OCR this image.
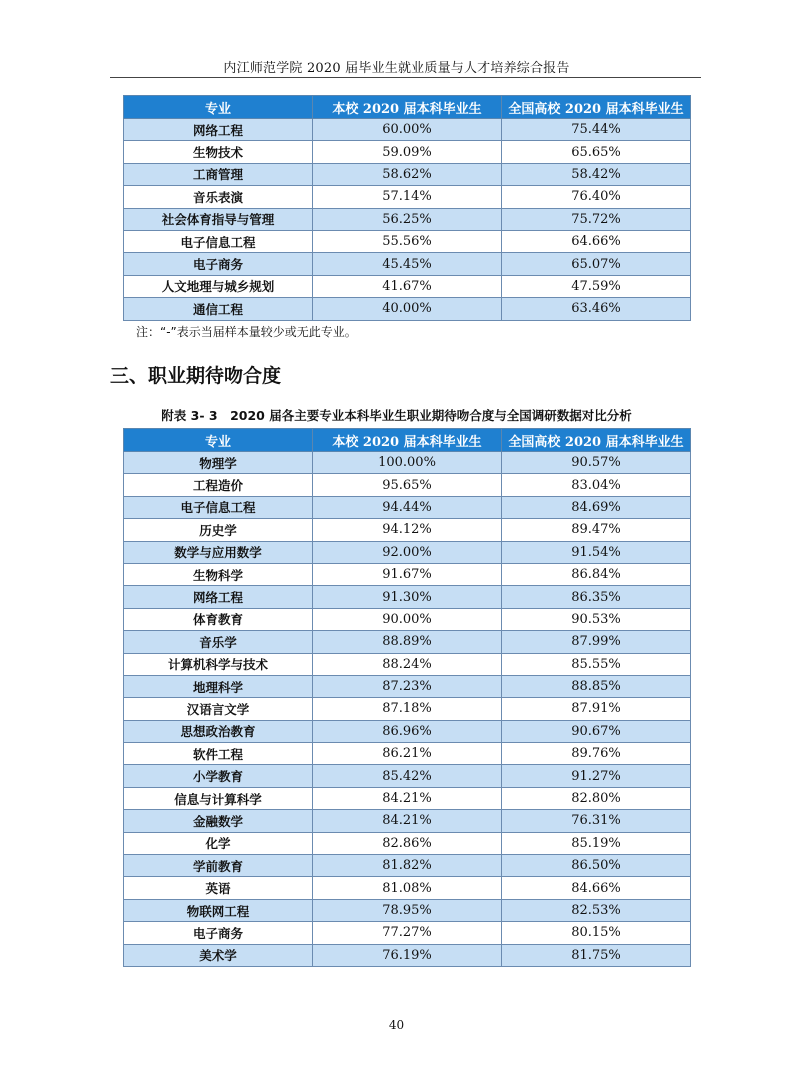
内江师范学院 2020 届毕业生就业质量与人才培养综合报告
专业	本校 2020 届本科毕业生	全国高校 2020 届本科毕业生
网络工程	60.00%	75.44%
生物技术	59.09%	65.65%
工商管理	58.62%	58.42%
音乐表演	57.14%	76.40%
社会体育指导与管理	56.25%	75.72%
电子信息工程	55.56%	64.66%
电子商务	45.45%	65.07%
人文地理与城乡规划	41.67%	47.59%
通信工程	40.00%	63.46%
注：“-”表示当届样本量较少或无此专业。
三、职业期待吻合度
附表 3- 3　2020 届各主要专业本科毕业生职业期待吻合度与全国调研数据对比分析
专业	本校 2020 届本科毕业生	全国高校 2020 届本科毕业生
物理学	100.00%	90.57%
工程造价	95.65%	83.04%
电子信息工程	94.44%	84.69%
历史学	94.12%	89.47%
数学与应用数学	92.00%	91.54%
生物科学	91.67%	86.84%
网络工程	91.30%	86.35%
体育教育	90.00%	90.53%
音乐学	88.89%	87.99%
计算机科学与技术	88.24%	85.55%
地理科学	87.23%	88.85%
汉语言文学	87.18%	87.91%
思想政治教育	86.96%	90.67%
软件工程	86.21%	89.76%
小学教育	85.42%	91.27%
信息与计算科学	84.21%	82.80%
金融数学	84.21%	76.31%
化学	82.86%	85.19%
学前教育	81.82%	86.50%
英语	81.08%	84.66%
物联网工程	78.95%	82.53%
电子商务	77.27%	80.15%
美术学	76.19%	81.75%
40
